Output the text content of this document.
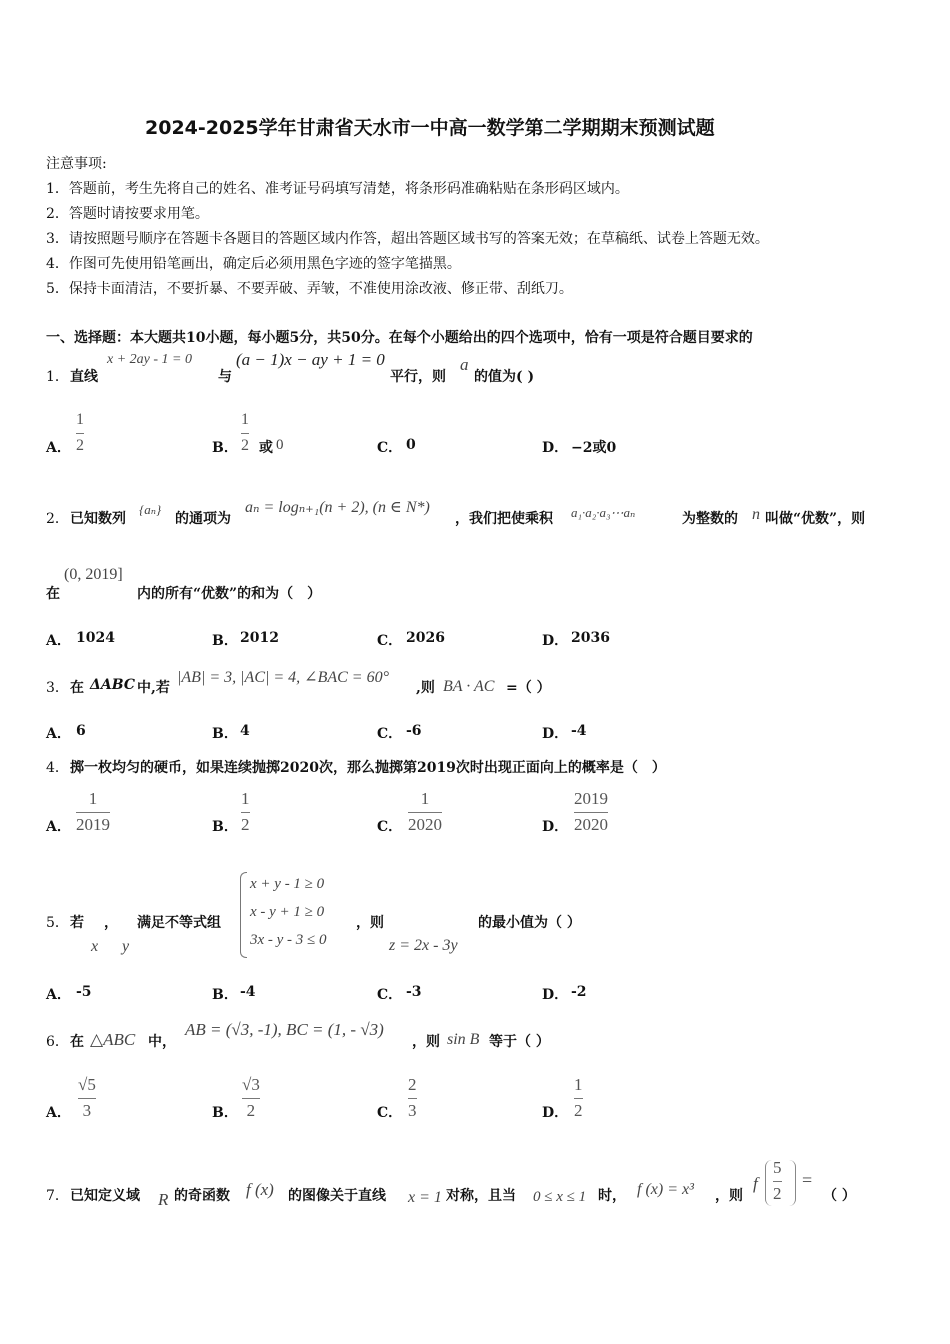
2024-2025学年甘肃省天水市一中高一数学第二学期期末预测试题
注意事项:
1．答题前，考生先将自己的姓名、准考证号码填写清楚，将条形码准确粘贴在条形码区域内。
2．答题时请按要求用笔。
3．请按照题号顺序在答题卡各题目的答题区域内作答，超出答题区域书写的答案无效；在草稿纸、试卷上答题无效。
4．作图可先使用铅笔画出，确定后必须用黑色字迹的签字笔描黑。
5．保持卡面清洁，不要折暴、不要弄破、弄皱，不准使用涂改液、修正带、刮纸刀。
一、选择题：本大题共10小题，每小题5分，共50分。在每个小题给出的四个选项中，恰有一项是符合题目要求的
1． 直线
x + 2ay - 1 = 0
与
(a − 1)x − ay + 1 = 0
平行，则
a
的值为( )
A．
1
2	B．
1
2 或 0	C． 0	D． −2或0
2． 已知数列
{aₙ}
的通项为
aₙ = logₙ₊₁(n + 2), (n ∈ N*)
，我们把使乘积 a₁·a₂·a₃⋯aₙ	为整数的 n 叫做“优数”，则
在
(0, 2019]
内的所有“优数”的和为（　）
A． 1024	B． 2012	C． 2026	D． 2036
3． 在 ΔABC 中,若
|AB| = 3, |AC| = 4, ∠BAC = 60°
,则 BA · AC =（ ）
A． 6	B． 4	C． -6	D． -4
4． 掷一枚均匀的硬币，如果连续抛掷2020次，那么抛掷第2019次时出现正面向上的概率是（　）
A．
1
2019	B．
1
2	C．
1
2020	D．
2019
2020
5． 若
x
，
y
满足不等式组
x + y - 1 ≥ 0
x - y + 1 ≥ 0
3x - y - 3 ≤ 0
，则
z = 2x - 3y
的最小值为（ ）
A． -5	B． -4	C． -3	D． -2
6． 在 △ABC 中，
AB = (√3, -1), BC = (1, - √3)
，则 sin B 等于（ ）
A．
√5
3	B．
√3
2	C．
2
3	D．
1
2
7． 已知定义域 R 的奇函数 f (x) 的图像关于直线 x = 1 对称，且当 0 ≤ x ≤ 1 时， f (x) = x³ ，则
f
5
2
=
（ ）
